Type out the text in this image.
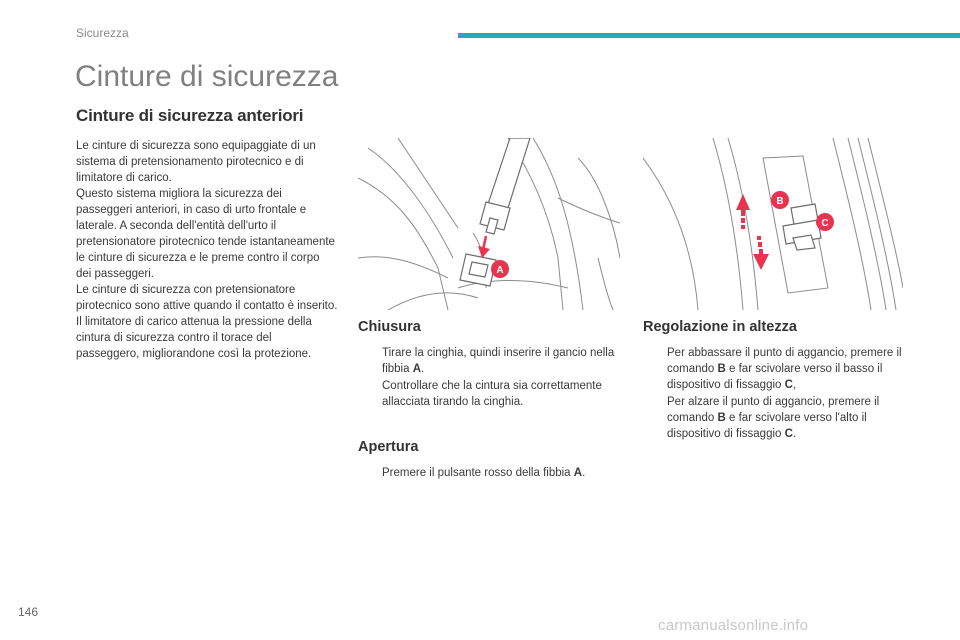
Sicurezza
Cinture di sicurezza
Cinture di sicurezza anteriori

Le cinture di sicurezza sono equipaggiate di un sistema di pretensionamento pirotecnico e di limitatore di carico.

Questo sistema migliora la sicurezza dei passeggeri anteriori, in caso di urto frontale e laterale. A seconda dell'entità dell'urto il pretensionatore pirotecnico tende istantaneamente le cinture di sicurezza e le preme contro il corpo dei passeggeri.

Le cinture di sicurezza con pretensionatore pirotecnico sono attive quando il contatto è inserito.

Il limitatore di carico attenua la pressione della cintura di sicurezza contro il torace del passeggero, migliorandone così la protezione.

A
B
C
Chiusura
Tirare la cinghia, quindi inserire il gancio nella fibbia A.
Controllare che la cintura sia correttamente allacciata tirando la cinghia.
Apertura
Premere il pulsante rosso della fibbia A.
Regolazione in altezza
Per abbassare il punto di aggancio, premere il comando B e far scivolare verso il basso il dispositivo di fissaggio C,
Per alzare il punto di aggancio, premere il comando B e far scivolare verso l'alto il dispositivo di fissaggio C.
146
carmanualsonline.info
